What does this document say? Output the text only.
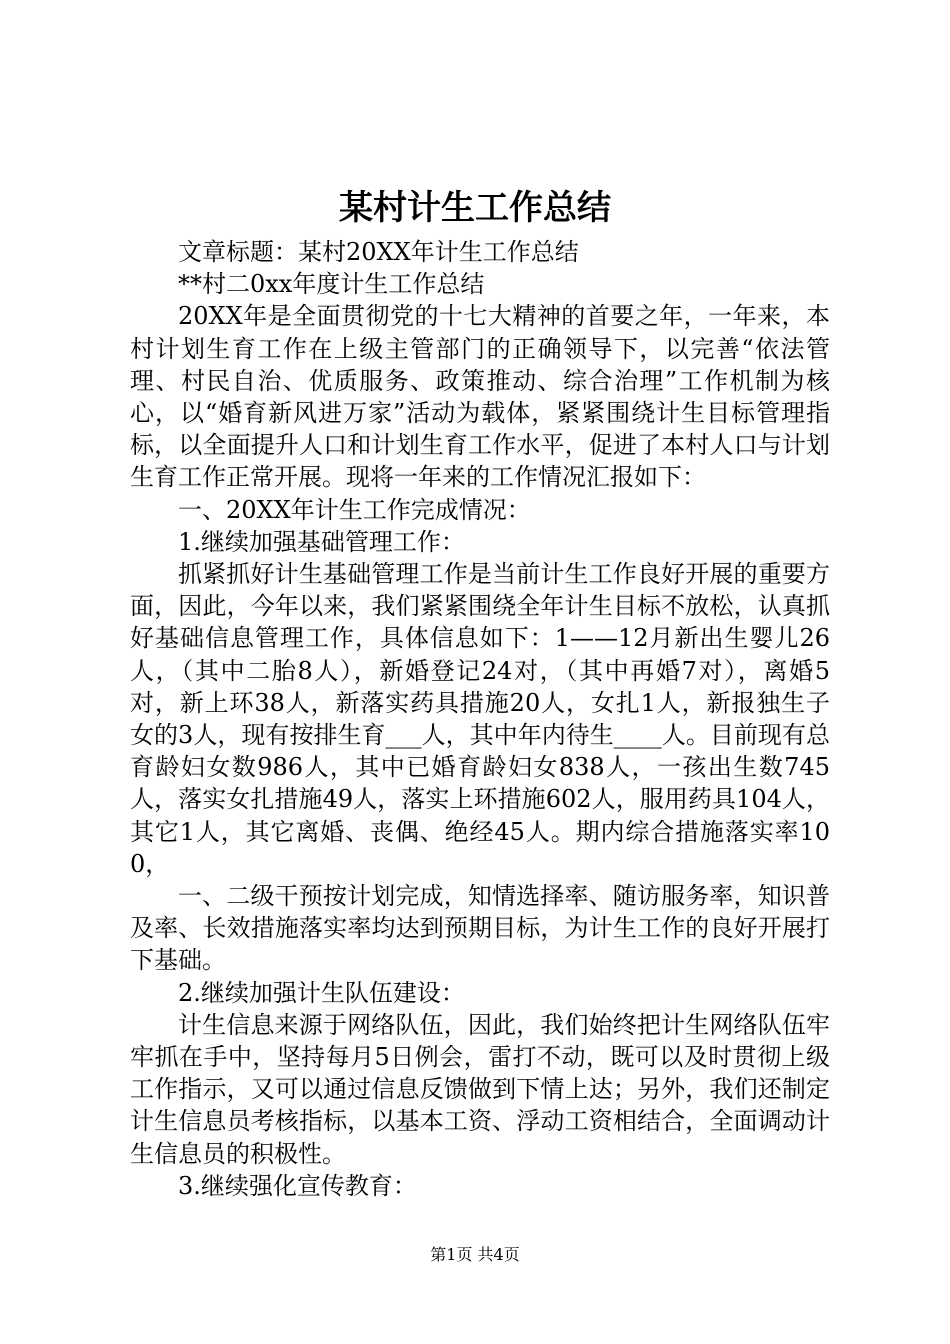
某村计生工作总结

文章标题：某村20XX年计生工作总结

**村二0xx年度计生工作总结

20XX年是全面贯彻党的十七大精神的首要之年，一年来，本村计划生育工作在上级主管部门的正确领导下，以完善“依法管理、村民自治、优质服务、政策推动、综合治理”工作机制为核心，以“婚育新风进万家”活动为载体，紧紧围绕计生目标管理指标，以全面提升人口和计划生育工作水平，促进了本村人口与计划生育工作正常开展。现将一年来的工作情况汇报如下：

一、20XX年计生工作完成情况：

1.继续加强基础管理工作：

抓紧抓好计生基础管理工作是当前计生工作良好开展的重要方面，因此，今年以来，我们紧紧围绕全年计生目标不放松，认真抓好基础信息管理工作，具体信息如下：1——12月新出生婴儿26人，（其中二胎8人），新婚登记24对，（其中再婚7对），离婚5对，新上环38人，新落实药具措施20人，女扎1人，新报独生子女的3人，现有按排生育___人，其中年内待生____人。目前现有总育龄妇女数986人，其中已婚育龄妇女838人，一孩出生数745人，落实女扎措施49人，落实上环措施602人，服用药具104人，其它1人，其它离婚、丧偶、绝经45人。期内综合措施落实率100，

一、二级干预按计划完成，知情选择率、随访服务率，知识普及率、长效措施落实率均达到预期目标，为计生工作的良好开展打下基础。

2.继续加强计生队伍建设：

计生信息来源于网络队伍，因此，我们始终把计生网络队伍牢牢抓在手中，坚持每月5日例会，雷打不动，既可以及时贯彻上级工作指示，又可以通过信息反馈做到下情上达；另外，我们还制定计生信息员考核指标，以基本工资、浮动工资相结合，全面调动计生信息员的积极性。

3.继续强化宣传教育：

第1页 共4页
